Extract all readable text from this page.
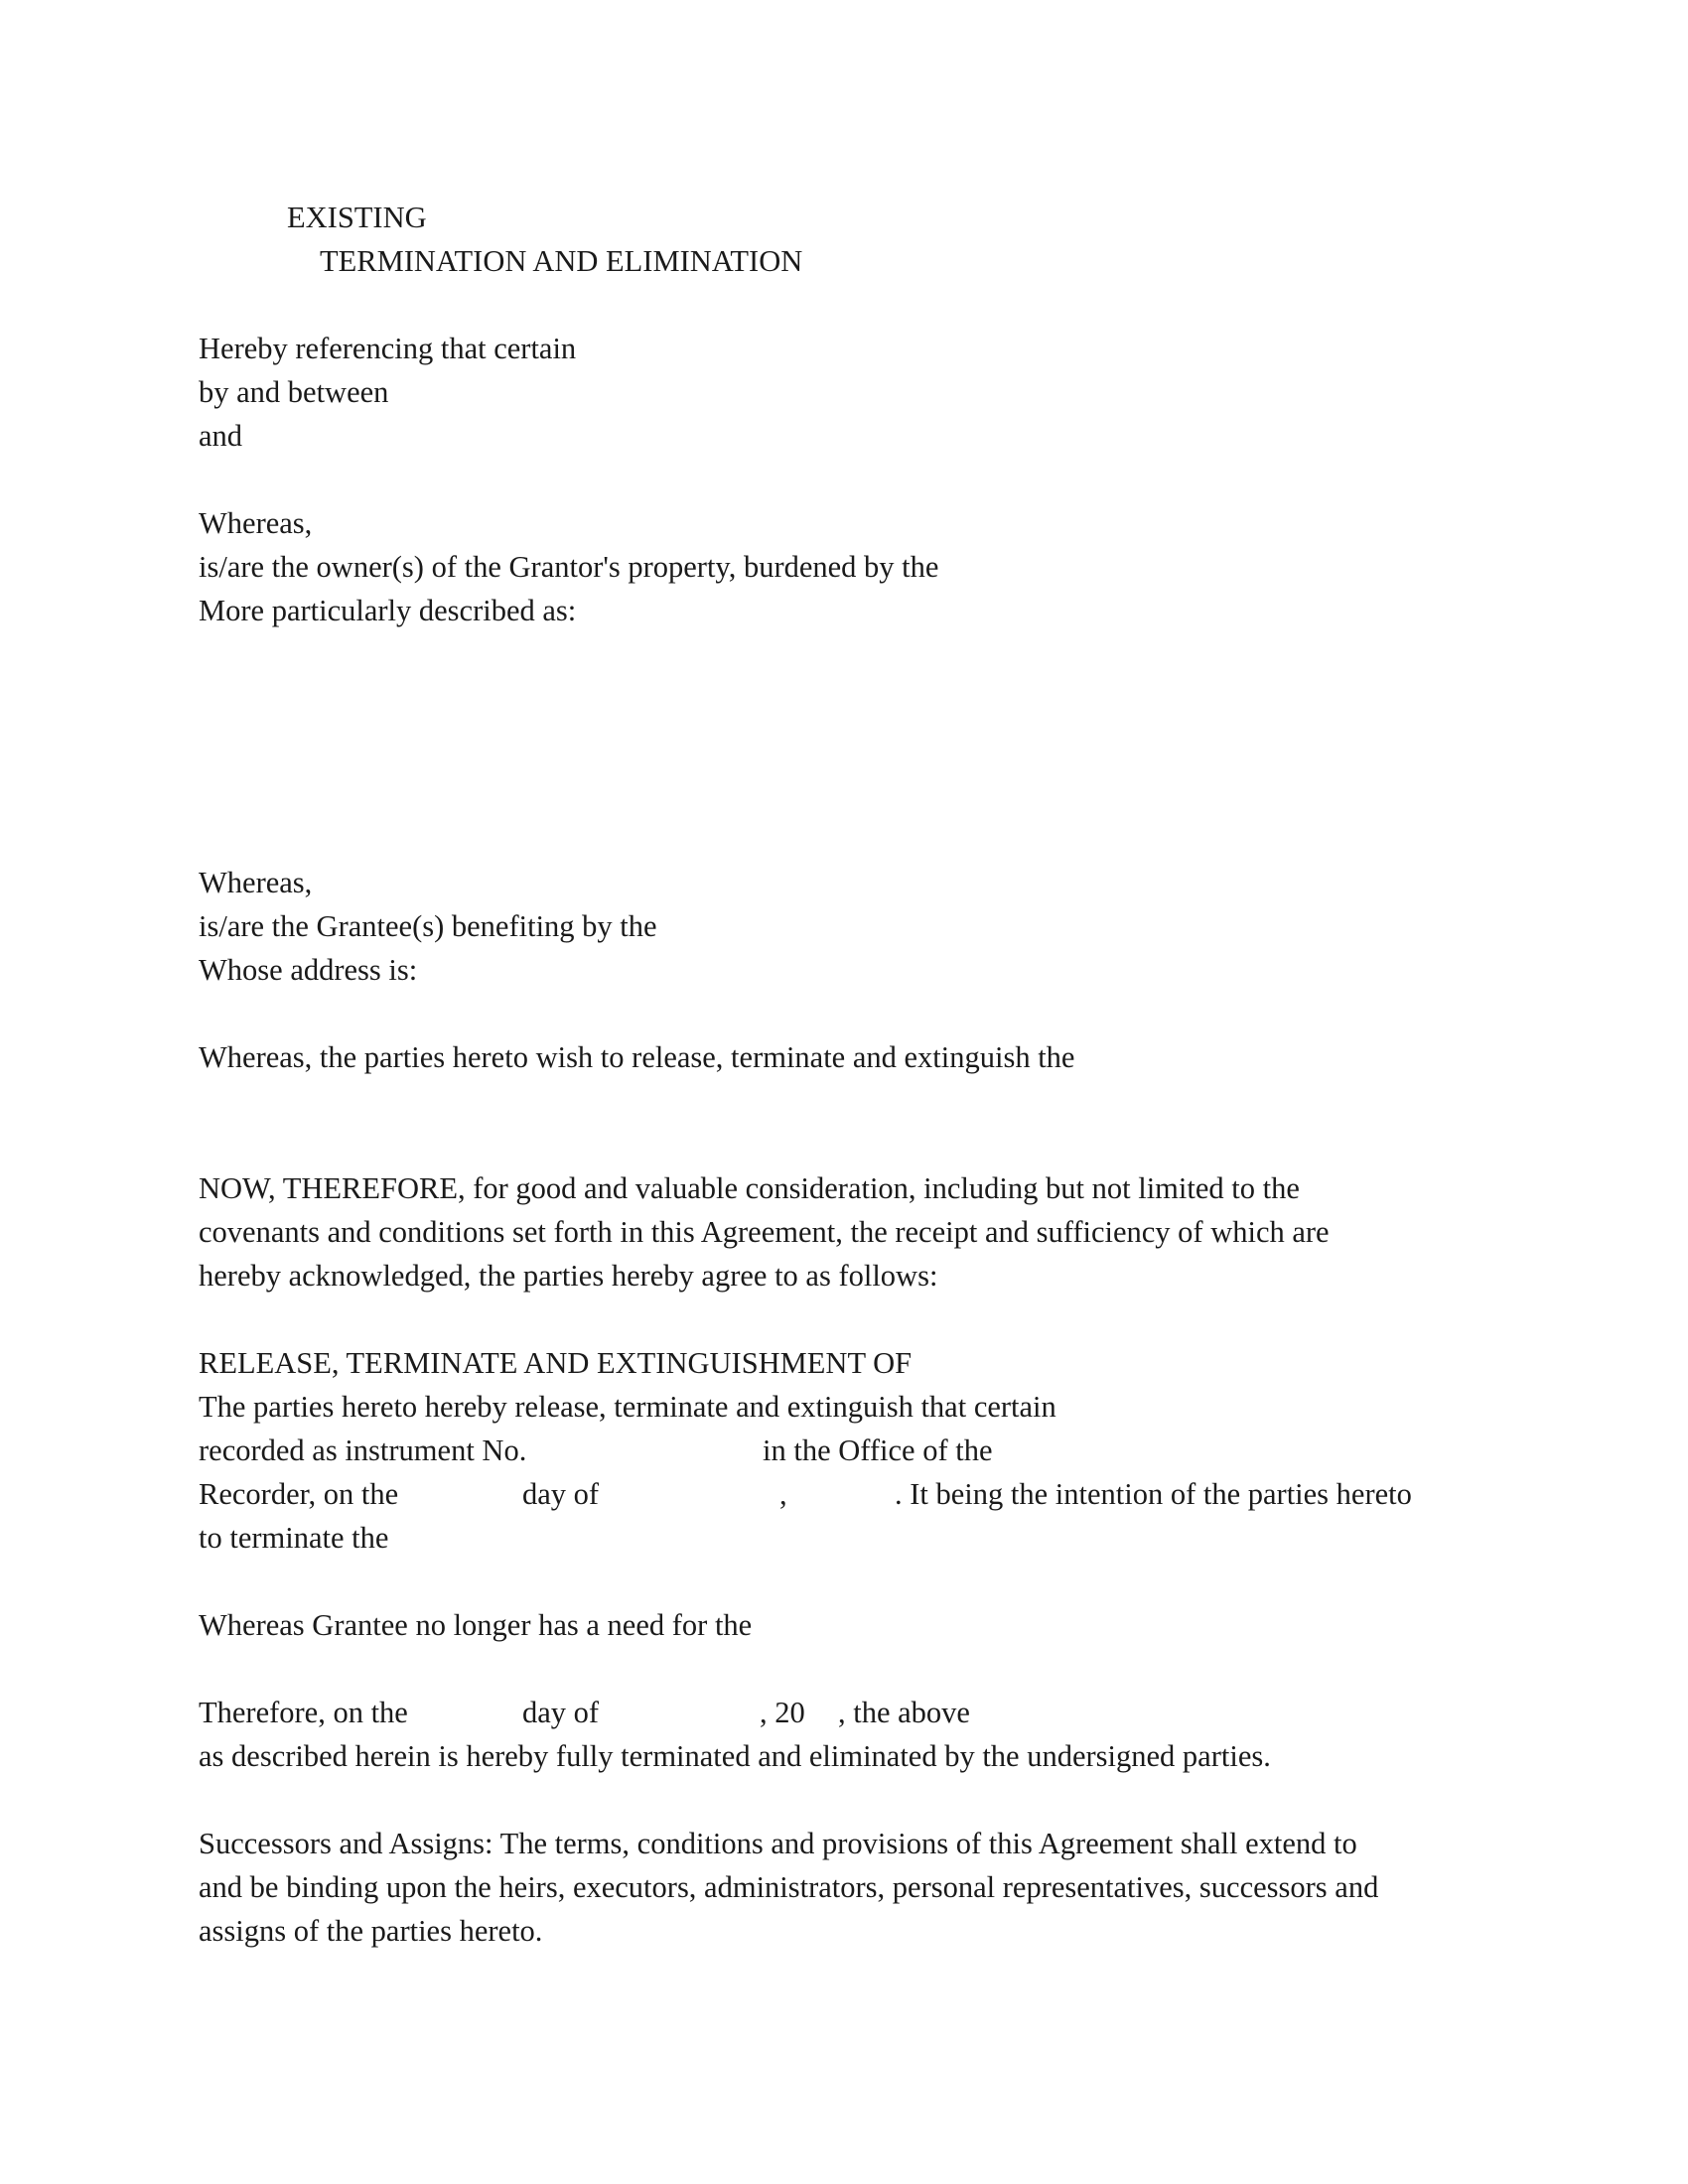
EXISTING
TERMINATION AND ELIMINATION
Hereby referencing that certain
by and between
and
Whereas,
is/are the owner(s) of the Grantor's property, burdened by the
More particularly described as:
Whereas,
is/are the Grantee(s) benefiting by the
Whose address is:
Whereas, the parties hereto wish to release, terminate and extinguish the
NOW, THEREFORE, for good and valuable consideration, including but not limited to the
covenants and conditions set forth in this Agreement, the receipt and sufficiency of which are
hereby acknowledged, the parties hereby agree to as follows:
RELEASE, TERMINATE AND EXTINGUISHMENT OF
The parties hereto hereby release, terminate and extinguish that certain
recorded as instrument No.	in the Office of the
Recorder, on the	day of	,	. It being the intention of the parties hereto
to terminate the
Whereas Grantee no longer has a need for the
Therefore, on the	day of	, 20 , the above
as described herein is hereby fully terminated and eliminated by the undersigned parties.
Successors and Assigns: The terms, conditions and provisions of this Agreement shall extend to
and be binding upon the heirs, executors, administrators, personal representatives, successors and
assigns of the parties hereto.
